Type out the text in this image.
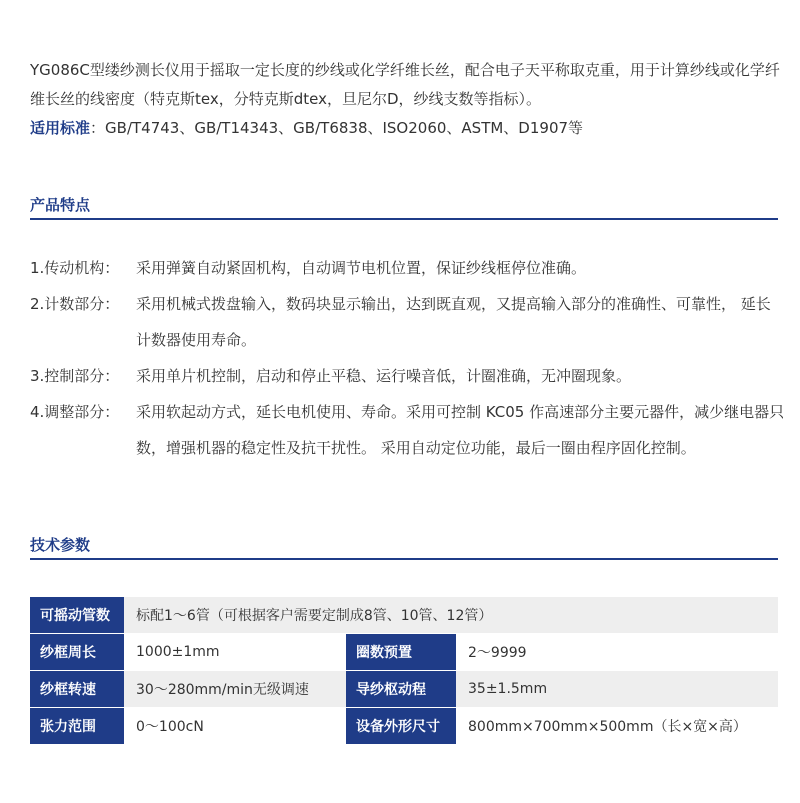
YG086C型缕纱测长仪用于摇取一定长度的纱线或化学纤维长丝，配合电子天平称取克重，用于计算纱线或化学纤维长丝的线密度（特克斯tex，分特克斯dtex，旦尼尔D，纱线支数等指标）。

适用标准：GB/T4743、GB/T14343、GB/T6838、ISO2060、ASTM、D1907等

产品特点
1.传动机构：	采用弹簧自动紧固机构，自动调节电机位置，保证纱线框停位准确。
2.计数部分：	采用机械式拨盘输入，数码块显示输出，达到既直观，又提高输入部分的准确性、可靠性， 延长计数器使用寿命。
3.控制部分：	采用单片机控制，启动和停止平稳、运行噪音低，计圈准确，无冲圈现象。
4.调整部分：	采用软起动方式，延长电机使用、寿命。采用可控制 KC05 作高速部分主要元器件，减少继电器只数，增强机器的稳定性及抗干扰性。 采用自动定位功能，最后一圈由程序固化控制。
技术参数
可摇动管数	标配1～6管（可根据客户需要定制成8管、10管、12管）		
纱框周长	1000±1mm	圈数预置	2～9999
纱框转速	30～280mm/min无级调速	导纱枢动程	35±1.5mm
张力范围	0～100cN	设备外形尺寸	800mm×700mm×500mm（长×宽×高）
